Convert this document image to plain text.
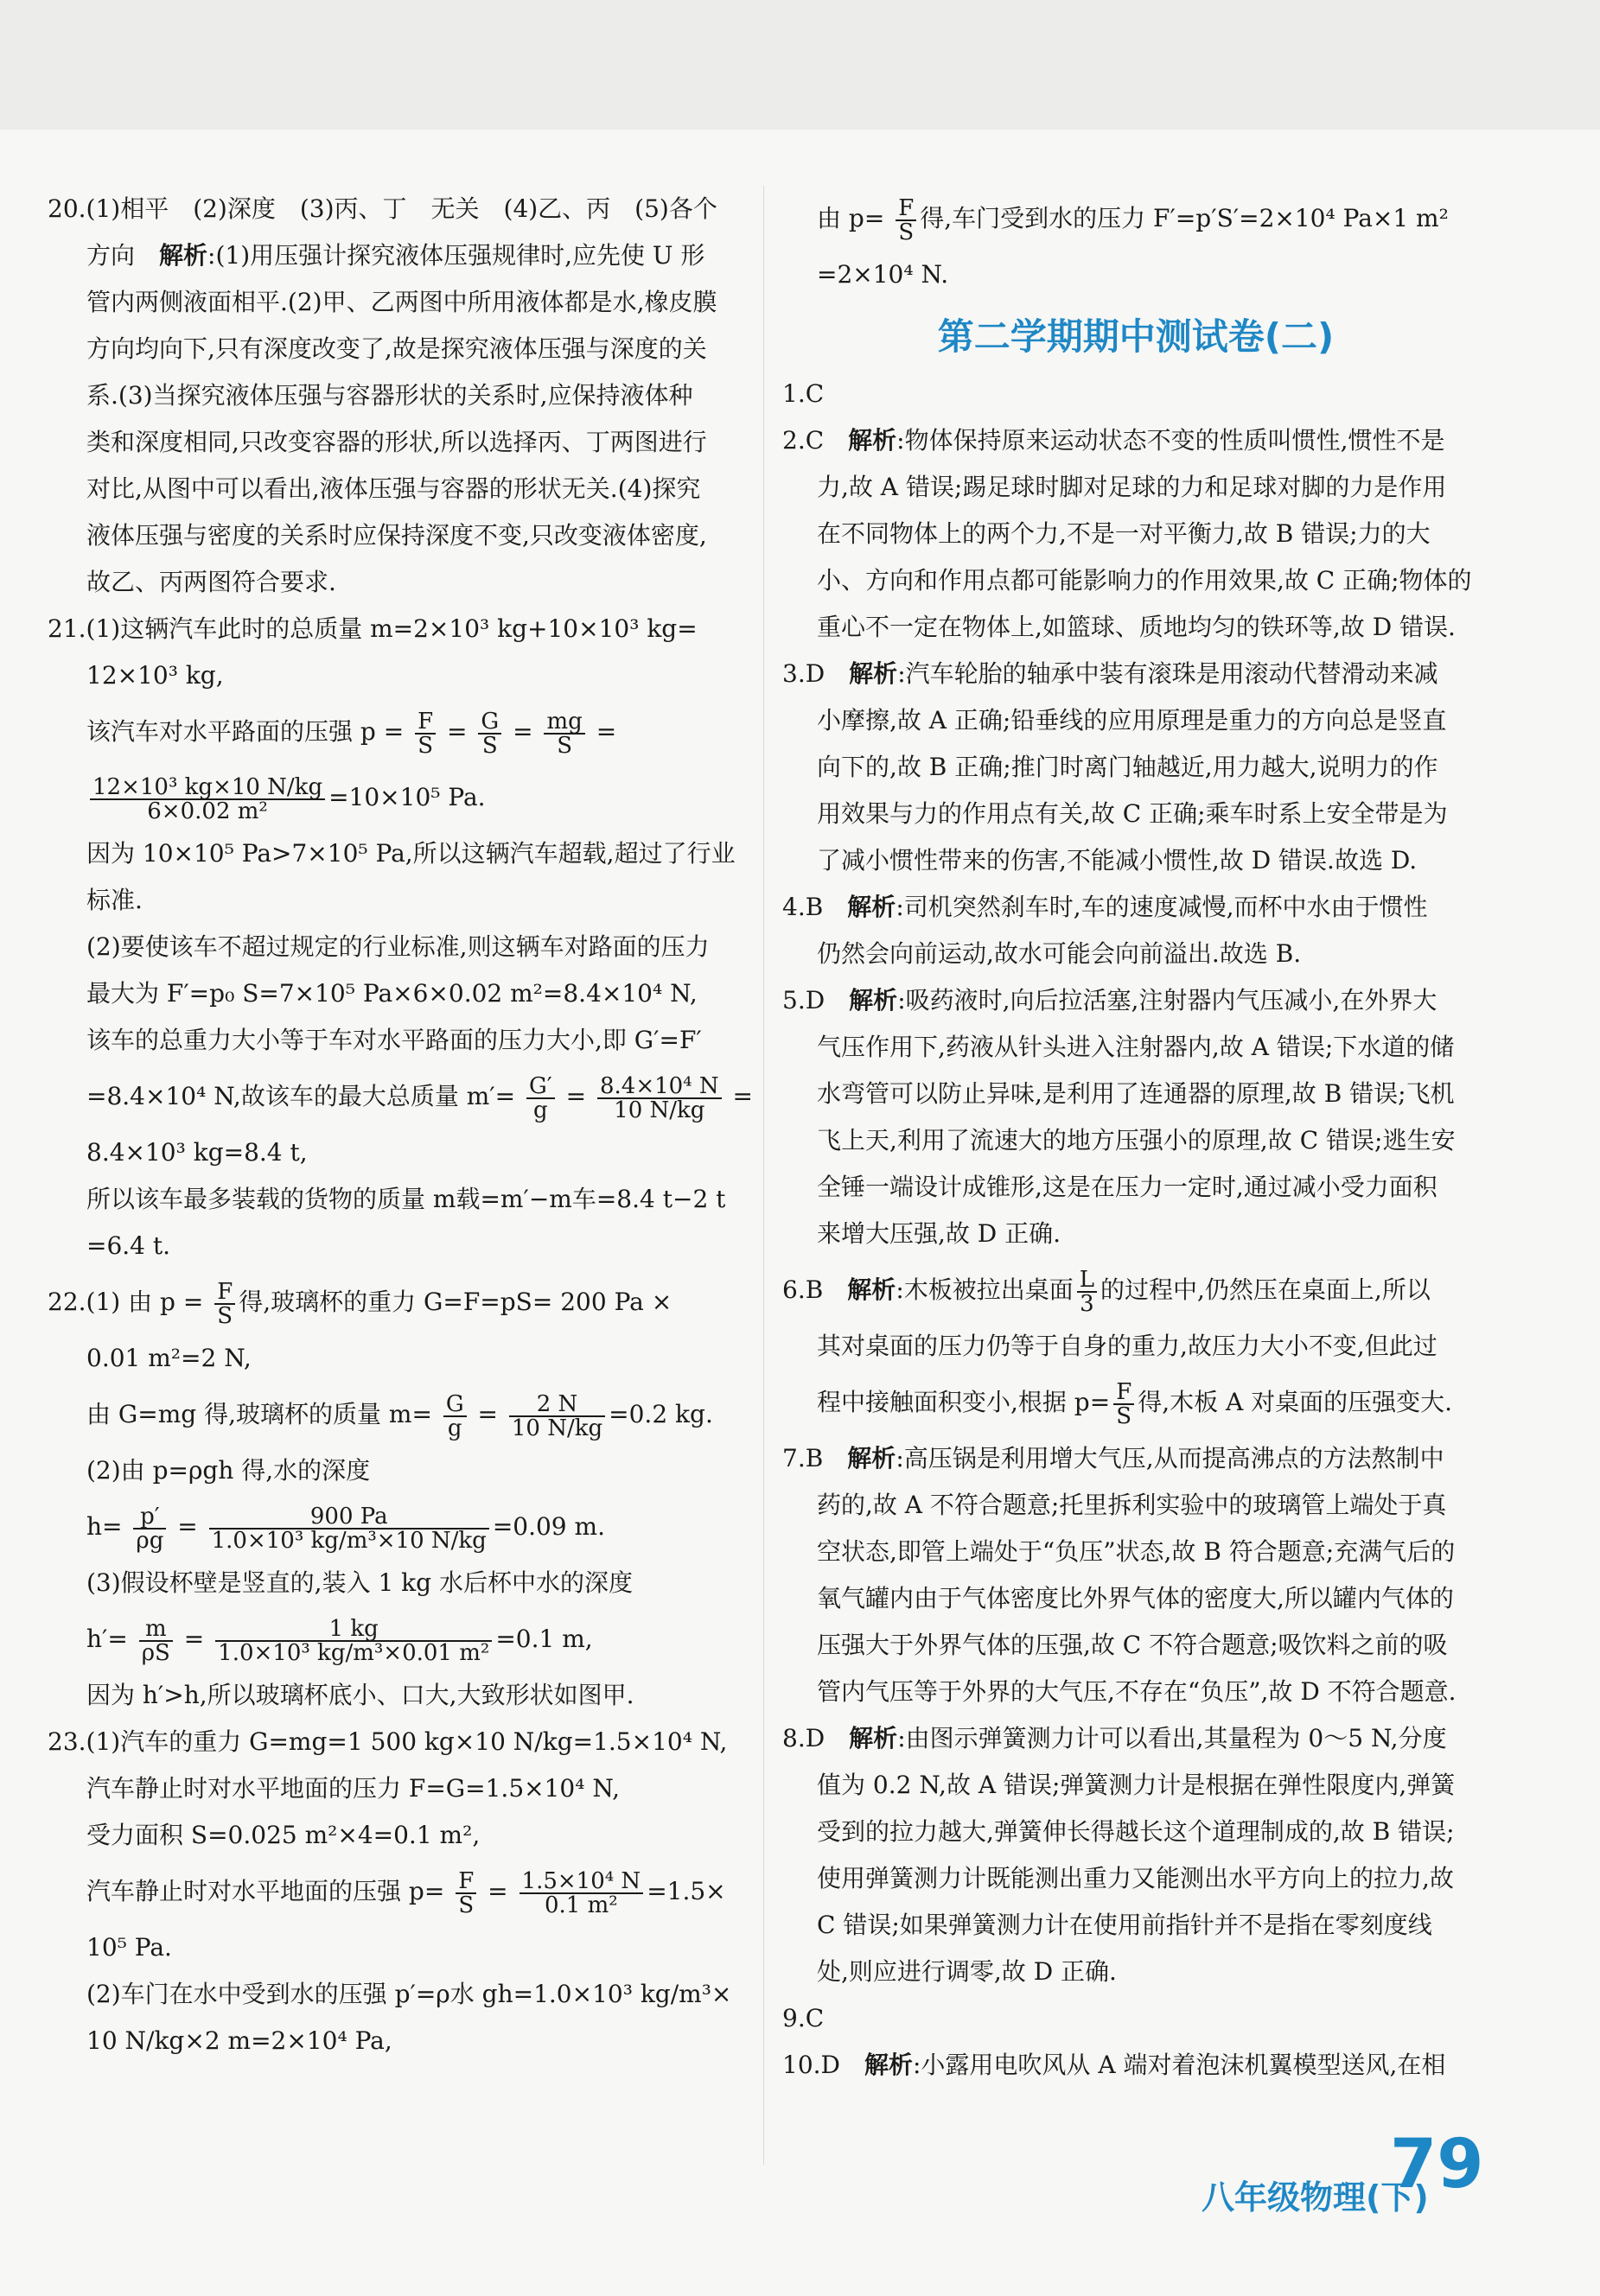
20.(1)相平　(2)深度　(3)丙、丁　无关　(4)乙、丙　(5)各个
方向　解析:(1)用压强计探究液体压强规律时,应先使 U 形
管内两侧液面相平.(2)甲、乙两图中所用液体都是水,橡皮膜
方向均向下,只有深度改变了,故是探究液体压强与深度的关
系.(3)当探究液体压强与容器形状的关系时,应保持液体种
类和深度相同,只改变容器的形状,所以选择丙、丁两图进行
对比,从图中可以看出,液体压强与容器的形状无关.(4)探究
液体压强与密度的关系时应保持深度不变,只改变液体密度,
故乙、丙两图符合要求.
21.(1)这辆汽车此时的总质量 m=2×10³ kg+10×10³ kg=
12×10³ kg,
该汽车对水平路面的压强 $p = \frac{F}{S} = \frac{G}{S} = \frac{mg}{S}$ =
$\frac{\text{12×10³ kg×10 N/kg}}{\text{6×0.02 m²}} =10\times 10^5$ Pa.
因为 10×10⁵ Pa>7×10⁵ Pa,所以这辆汽车超载,超过了行业
标准.
(2)要使该车不超过规定的行业标准,则这辆车对路面的压力
最大为 F′=p₀ S=7×10⁵ Pa×6×0.02 m²=8.4×10⁴ N,
该车的总重力大小等于车对水平路面的压力大小,即 G′=F′
=8.4×10⁴ N,故该车的最大总质量 $m'= \frac{G'}{g} = \frac{\text{8.4×10⁴ N}}{10 N/kg}$ =
8.4×10³ kg=8.4 t,
所以该车最多装载的货物的质量 m载=m′−m车=8.4 t−2 t
=6.4 t.
22.(1) 由 $p = \frac{F}{S}$ 得,玻璃杯的重力 G=F=pS= 200 Pa ×
0.01 m²=2 N,
由 G=mg 得,玻璃杯的质量 $m= \frac{G}{g} = \frac{2 N}{10 N/kg} =0.2$ kg.
(2)由 p=ρgh 得,水的深度
$h= \frac{p'}{\rho g} = \frac{900 Pa}{\text{1.0×10³ kg/m³×10 N/kg}} =0.09$ m.
(3)假设杯壁是竖直的,装入 1 kg 水后杯中水的深度
$h'= \frac{m}{\rho S} = \frac{1 kg}{\text{1.0×10³ kg/m³×0.01 m²}} =0.1$ m,
因为 h′>h,所以玻璃杯底小、口大,大致形状如图甲.
23.(1)汽车的重力 G=mg=1 500 kg×10 N/kg=1.5×10⁴ N,
汽车静止时对水平地面的压力 F=G=1.5×10⁴ N,
受力面积 S=0.025 m²×4=0.1 m²,
汽车静止时对水平地面的压强 $p= \frac{F}{S} = \frac{\text{1.5×10⁴ N}}{\text{0.1 m²}} =1.5\times$
10⁵ Pa.
(2)车门在水中受到水的压强 p′=ρ水 gh=1.0×10³ kg/m³×
10 N/kg×2 m=2×10⁴ Pa,
由 $p= \frac{F}{S}$ 得,车门受到水的压力 F′=p′S′=2×10⁴ Pa×1 m²
=2×10⁴ N.
第二学期期中测试卷(二)
1.C
2.C　解析:物体保持原来运动状态不变的性质叫惯性,惯性不是
力,故 A 错误;踢足球时脚对足球的力和足球对脚的力是作用
在不同物体上的两个力,不是一对平衡力,故 B 错误;力的大
小、方向和作用点都可能影响力的作用效果,故 C 正确;物体的
重心不一定在物体上,如篮球、质地均匀的铁环等,故 D 错误.
3.D　解析:汽车轮胎的轴承中装有滚珠是用滚动代替滑动来减
小摩擦,故 A 正确;铅垂线的应用原理是重力的方向总是竖直
向下的,故 B 正确;推门时离门轴越近,用力越大,说明力的作
用效果与力的作用点有关,故 C 正确;乘车时系上安全带是为
了减小惯性带来的伤害,不能减小惯性,故 D 错误.故选 D.
4.B　解析:司机突然刹车时,车的速度减慢,而杯中水由于惯性
仍然会向前运动,故水可能会向前溢出.故选 B.
5.D　解析:吸药液时,向后拉活塞,注射器内气压减小,在外界大
气压作用下,药液从针头进入注射器内,故 A 错误;下水道的储
水弯管可以防止异味,是利用了连通器的原理,故 B 错误;飞机
飞上天,利用了流速大的地方压强小的原理,故 C 错误;逃生安
全锤一端设计成锥形,这是在压力一定时,通过减小受力面积
来增大压强,故 D 正确.
6.B　解析:木板被拉出桌面 $\frac{L}{3}$ 的过程中,仍然压在桌面上,所以
其对桌面的压力仍等于自身的重力,故压力大小不变,但此过
程中接触面积变小,根据 $p= \frac{F}{S}$ 得,木板 A 对桌面的压强变大.
7.B　解析:高压锅是利用增大气压,从而提高沸点的方法熬制中
药的,故 A 不符合题意;托里拆利实验中的玻璃管上端处于真
空状态,即管上端处于“负压”状态,故 B 符合题意;充满气后的
氧气罐内由于气体密度比外界气体的密度大,所以罐内气体的
压强大于外界气体的压强,故 C 不符合题意;吸饮料之前的吸
管内气压等于外界的大气压,不存在“负压”,故 D 不符合题意.
8.D　解析:由图示弹簧测力计可以看出,其量程为 0～5 N,分度
值为 0.2 N,故 A 错误;弹簧测力计是根据在弹性限度内,弹簧
受到的拉力越大,弹簧伸长得越长这个道理制成的,故 B 错误;
使用弹簧测力计既能测出重力又能测出水平方向上的拉力,故
C 错误;如果弹簧测力计在使用前指针并不是指在零刻度线
处,则应进行调零,故 D 正确.
9.C
10.D　解析:小露用电吹风从 A 端对着泡沫机翼模型送风,在相
八年级物理(下)
79
